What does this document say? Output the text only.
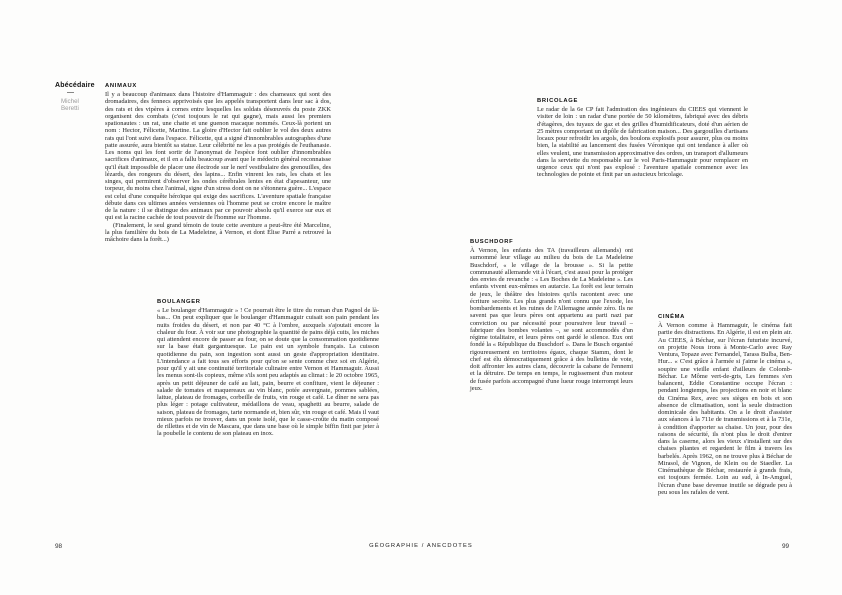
Abécédaire
—
Michel
Beretti
ANIMAUX

Il y a beaucoup d'animaux dans l'histoire d'Hammaguir : des chameaux qui sont des dromadaires, des fennecs apprivoisés que les appelés transportent dans leur sac à dos, des rats et des vipères à cornes entre lesquelles les soldats désœuvrés du poste ZKK organisent des combats (c'est toujours le rat qui gagne), mais aussi les premiers spationautes : un rat, une chatte et une guenon macaque nommés. Ceux-là portent un nom : Hector, Félicette, Martine. La gloire d'Hector fait oublier le vol des deux autres rats qui l'ont suivi dans l'espace. Félicette, qui a signé d'innombrables autographes d'une patte assurée, aura bientôt sa statue. Leur célébrité ne les a pas protégés de l'euthanasie. Les noms qui les font sortir de l'anonymat de l'espèce font oublier d'innombrables sacrifices d'animaux, et il en a fallu beaucoup avant que le médecin général reconnaisse qu'il était impossible de placer une électrode sur le nerf vestibulaire des grenouilles, des lézards, des rongeurs du désert, des lapins... Enfin vinrent les rats, les chats et les singes, qui permirent d'observer les ondes cérébrales lentes en état d'apesanteur, une torpeur, du moins chez l'animal, signe d'un stress dont on ne s'étonnera guère... L'espace est celui d'une conquête héroïque qui exige des sacrifices. L'aventure spatiale française débute dans ces ultimes années versiennes où l'homme peut se croire encore le maître de la nature : il se distingue des animaux par ce pouvoir absolu qu'il exerce sur eux et qui est la racine cachée de tout pouvoir de l'homme sur l'homme.

(Finalement, le seul grand témoin de toute cette aventure a peut-être été Marceline, la plus familière du bois de La Madeleine, à Vernon, et dont Élise Parré a retrouvé la mâchoire dans la forêt...)

BOULANGER

« Le boulanger d'Hammaguir » ! Ce pourrait être le titre du roman d'un Pagnol de là-bas... On peut expliquer que le boulanger d'Hammaguir cuisait son pain pendant les nuits froides du désert, et non par 40 °C à l'ombre, auxquels s'ajoutait encore la chaleur du four. À voir sur une photographie la quantité de pains déjà cuits, les miches qui attendent encore de passer au four, on se doute que la consommation quotidienne sur la base était gargantuesque. Le pain est un symbole français. La cuisson quotidienne du pain, son ingestion sont aussi un geste d'appropriation identitaire. L'intendance a fait tous ses efforts pour qu'on se sente comme chez soi en Algérie, pour qu'il y ait une continuité territoriale culinaire entre Vernon et Hammaguir. Aussi les menus sont-ils copieux, même s'ils sont peu adaptés au climat : le 20 octobre 1965, après un petit déjeuner de café au lait, pain, beurre et confiture, vient le déjeuner : salade de tomates et maquereaux au vin blanc, potée auvergnate, pommes sablées, laitue, plateau de fromages, corbeille de fruits, vin rouge et café. Le dîner ne sera pas plus léger : potage cultivateur, médaillons de veau, spaghetti au beurre, salade de saison, plateau de fromages, tarte normande et, bien sûr, vin rouge et café. Mais il vaut mieux parfois ne trouver, dans un poste isolé, que le casse-croûte du matin composé de rillettes et de vin de Mascara, que dans une base où le simple biffin finit par jeter à la poubelle le contenu de son plateau en inox.

BRICOLAGE

Le radar de la 6e CP fait l'admiration des ingénieurs du CIEES qui viennent le visiter de loin : un radar d'une portée de 50 kilomètres, fabriqué avec des débris d'étagères, des tuyaux de gaz et des grilles d'humidificateurs, doté d'un aérien de 25 mètres comportant un dipôle de fabrication maison... Des gargouilles d'artisans locaux pour refroidir les argols, des boulons explosifs pour assurer, plus ou moins bien, la stabilité au lancement des fusées Véronique qui ont tendance à aller où elles veulent, une transmission approximative des ordres, un transport d'allumeurs dans la serviette du responsable sur le vol Paris-Hammaguir pour remplacer en urgence ceux qui n'ont pas explosé : l'aventure spatiale commence avec les technologies de pointe et finit par un astucieux bricolage.

BUSCHDORF

À Vernon, les enfants des TA (travailleurs allemands) ont surnommé leur village au milieu du bois de La Madeleine Buschdorf, « le village de la brousse ». Si la petite communauté allemande vit à l'écart, c'est aussi pour la protéger des envies de revanche : « Les Boches de La Madeleine ». Les enfants vivent eux-mêmes en autarcie. La forêt est leur terrain de jeux, le théâtre des histoires qu'ils racontent avec une écriture secrète. Les plus grands n'ont connu que l'exode, les bombardements et les ruines de l'Allemagne année zéro. Ils ne savent pas que leurs pères ont appartenu au parti nazi par conviction ou par nécessité pour poursuivre leur travail – fabriquer des bombes volantes –, se sont accommodés d'un régime totalitaire, et leurs pères ont gardé le silence. Eux ont fondé la « République du Buschdorf ». Dans le Busch organisé rigoureusement en territoires égaux, chaque Stamm, dont le chef est élu démocratiquement grâce à des bulletins de vote, doit affronter les autres clans, découvrir la cabane de l'ennemi et la détruire. De temps en temps, le rugissement d'un moteur de fusée parfois accompagné d'une lueur rouge interrompt leurs jeux.

CINÉMA

À Vernon comme à Hammaguir, le cinéma fait partie des distractions. En Algérie, il est en plein air. Au CIEES, à Béchar, sur l'écran futuriste incurvé, on projette Nous irons à Monte-Carlo avec Ray Ventura, Topaze avec Fernandel, Tarass Bulba, Ben-Hur... « C'est grâce à l'armée si j'aime le cinéma », soupire une vieille enfant d'ailleurs de Colomb-Béchar. Le Môme vert-de-gris, Les femmes s'en balancent, Eddie Constantine occupe l'écran : pendant longtemps, les projections en noir et blanc du Cinéma Rex, avec ses sièges en bois et son absence de climatisation, sont la seule distraction dominicale des habitants. On a le droit d'assister aux séances à la 711e de transmissions et à la 731e, à condition d'apporter sa chaise. Un jour, pour des raisons de sécurité, ils n'ont plus le droit d'entrer dans la caserne, alors les vieux s'installent sur des chaises pliantes et regardent le film à travers les barbelés. Après 1962, on ne trouve plus à Béchar de Mirasol, de Vignon, de Klein ou de Staedler. La Cinémathèque de Béchar, restaurée à grands frais, est toujours fermée. Loin au sud, à In-Amguel, l'écran d'une base devenue inutile se dégrade peu à peu sous les rafales de vent.

GÉOGRAPHIE / ANECDOTES
98	99
